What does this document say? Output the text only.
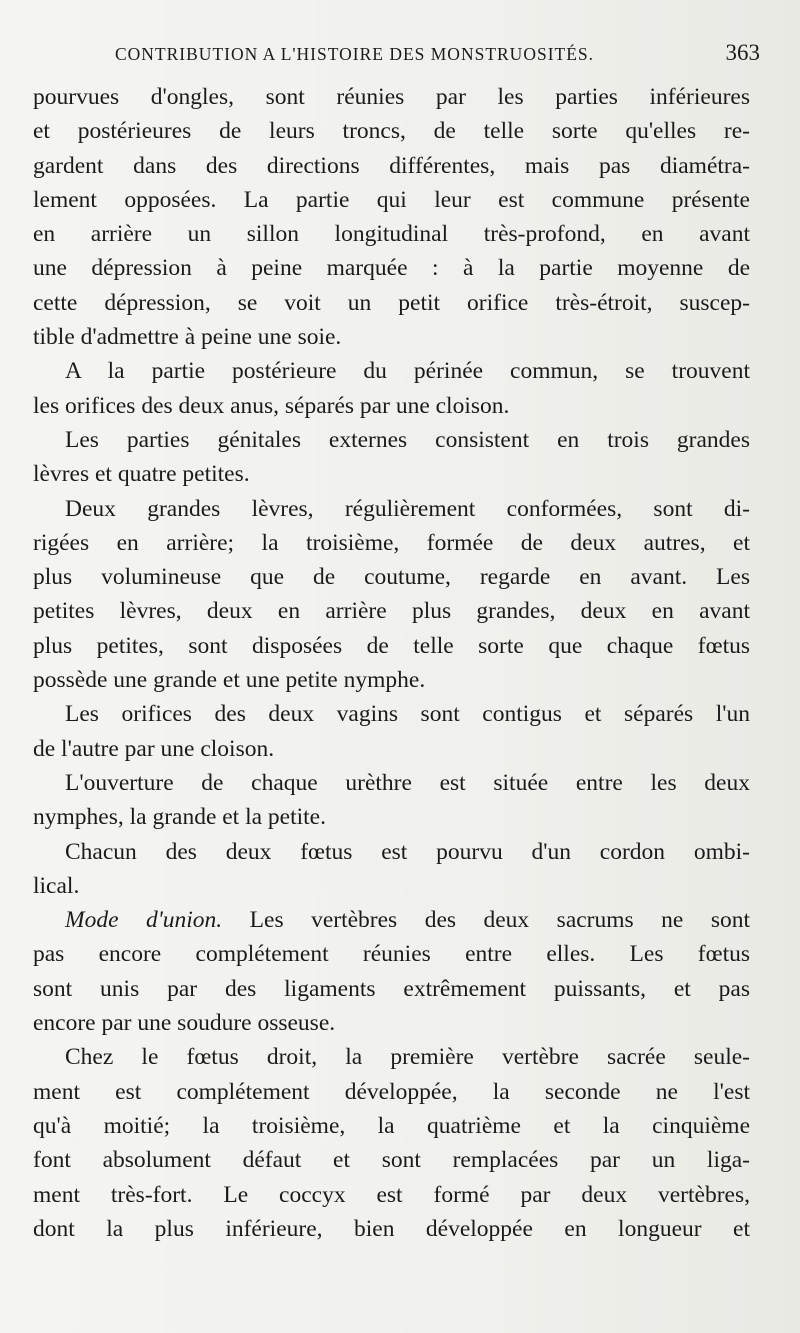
CONTRIBUTION A L'HISTOIRE DES MONSTRUOSITÉS.	363
pourvues d'ongles, sont réunies par les parties inférieures
et postérieures de leurs troncs, de telle sorte qu'elles re-
gardent dans des directions différentes, mais pas diamétra-
lement opposées. La partie qui leur est commune présente
en arrière un sillon longitudinal très-profond, en avant
une dépression à peine marquée : à la partie moyenne de
cette dépression, se voit un petit orifice très-étroit, suscep-
tible d'admettre à peine une soie.
A la partie postérieure du périnée commun, se trouvent
les orifices des deux anus, séparés par une cloison.
Les parties génitales externes consistent en trois grandes
lèvres et quatre petites.
Deux grandes lèvres, régulièrement conformées, sont di-
rigées en arrière; la troisième, formée de deux autres, et
plus volumineuse que de coutume, regarde en avant. Les
petites lèvres, deux en arrière plus grandes, deux en avant
plus petites, sont disposées de telle sorte que chaque fœtus
possède une grande et une petite nymphe.
Les orifices des deux vagins sont contigus et séparés l'un
de l'autre par une cloison.
L'ouverture de chaque urèthre est située entre les deux
nymphes, la grande et la petite.
Chacun des deux fœtus est pourvu d'un cordon ombi-
lical.
Mode d'union. Les vertèbres des deux sacrums ne sont
pas encore complétement réunies entre elles. Les fœtus
sont unis par des ligaments extrêmement puissants, et pas
encore par une soudure osseuse.
Chez le fœtus droit, la première vertèbre sacrée seule-
ment est complétement développée, la seconde ne l'est
qu'à moitié; la troisième, la quatrième et la cinquième
font absolument défaut et sont remplacées par un liga-
ment très-fort. Le coccyx est formé par deux vertèbres,
dont la plus inférieure, bien développée en longueur et
